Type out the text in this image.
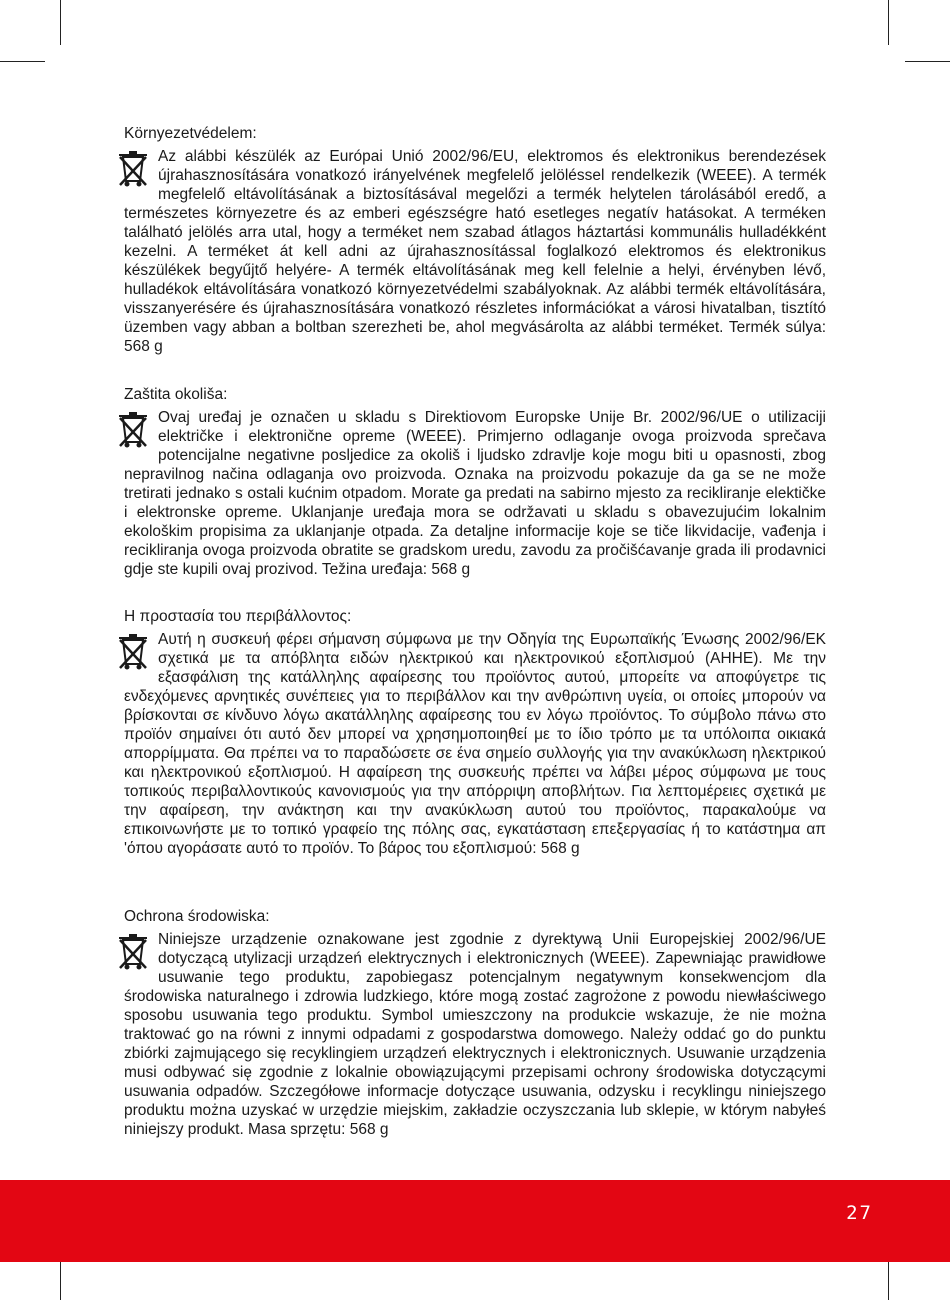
Környezetvédelem:
Az alábbi készülék az Európai Unió 2002/96/EU, elektromos és elektronikus berendezések újrahasznosítására vonatkozó irányelvének megfelelő jelöléssel rendelkezik (WEEE). A termék megfelelő eltávolításának a biztosításával megelőzi a termék helytelen tárolásából eredő, a természetes környezetre és az emberi egészségre ható esetleges negatív hatásokat. A terméken található jelölés arra utal, hogy a terméket nem szabad átlagos háztartási kommunális hulladékként kezelni. A terméket át kell adni az újrahasznosítással foglalkozó elektromos és elektronikus készülékek begyűjtő helyére- A termék eltávolításának meg kell felelnie a helyi, érvényben lévő, hulladékok eltávolítására vonatkozó környezetvédelmi szabályoknak. Az alábbi termék eltávolítására, visszanyerésére és újrahasznosítására vonatkozó részletes információkat a városi hivatalban, tisztító üzemben vagy abban a boltban szerezheti be, ahol megvásárolta az alábbi terméket. Termék súlya: 568 g
Zaštita okoliša:
Ovaj uređaj je označen u skladu s Direktiovom Europske Unije Br. 2002/96/UE o utilizaciji električke i elektronične opreme (WEEE). Primjerno odlaganje ovoga proizvoda sprečava potencijalne negativne posljedice za okoliš i ljudsko zdravlje koje mogu biti u opasnosti, zbog nepravilnog načina odlaganja ovo proizvoda. Oznaka na proizvodu pokazuje da ga se ne može tretirati jednako s ostali kućnim otpadom. Morate ga predati na sabirno mjesto za recikliranje elektičke i elektronske opreme. Uklanjanje uređaja mora se održavati u skladu s obavezujućim lokalnim ekološkim propisima za uklanjanje otpada. Za detaljne informacije koje se tiče likvidacije, vađenja i recikliranja ovoga proizvoda obratite se gradskom uredu, zavodu za pročišćavanje grada ili prodavnici gdje ste kupili ovaj prozivod. Težina uređaja: 568 g
Η προστασία του περιβάλλοντος:
Αυτή η συσκευή φέρει σήμανση σύμφωνα με την Οδηγία της Ευρωπαϊκής Ένωσης 2002/96/ΕΚ σχετικά με τα απόβλητα ειδών ηλεκτρικού και ηλεκτρονικού εξοπλισμού (ΑΗΗΕ). Με την εξασφάλιση της κατάλληλης αφαίρεσης του προϊόντος αυτού, μπορείτε να αποφύγετρε τις ενδεχόμενες αρνητικές συνέπειες για το περιβάλλον και την ανθρώπινη υγεία, οι οποίες μπορούν να βρίσκονται σε κίνδυνο λόγω ακατάλληλης αφαίρεσης του εν λόγω προϊόντος. Το σύμβολο πάνω στο προϊόν σημαίνει ότι αυτό δεν μπορεί να χρησημοποιηθεί με το ίδιο τρόπο με τα υπόλοιπα οικιακά απορρίμματα. Θα πρέπει να το παραδώσετε σε ένα σημείο συλλογής για την ανακύκλωση ηλεκτρικού και ηλεκτρονικού εξοπλισμού. Η αφαίρεση της συσκευής πρέπει να λάβει μέρος σύμφωνα με τους τοπικούς περιβαλλοντικούς κανονισμούς για την απόρριψη αποβλήτων. Για λεπτομέρειες σχετικά με την αφαίρεση, την ανάκτηση και την ανακύκλωση αυτού του προϊόντος, παρακαλούμε να επικοινωνήστε με το τοπικό γραφείο της πόλης σας, εγκατάσταση επεξεργασίας ή το κατάστημα απ 'όπου αγοράσατε αυτό το προϊόν. Το βάρος του εξοπλισμού: 568 g
Ochrona środowiska:
Niniejsze urządzenie oznakowane jest zgodnie z dyrektywą Unii Europejskiej 2002/96/UE dotyczącą utylizacji urządzeń elektrycznych i elektronicznych (WEEE). Zapewniając prawidłowe usuwanie tego produktu, zapobiegasz potencjalnym negatywnym konsekwencjom dla środowiska naturalnego i zdrowia ludzkiego, które mogą zostać zagrożone z powodu niewłaściwego sposobu usuwania tego produktu. Symbol umieszczony na produkcie wskazuje, że nie można traktować go na równi z innymi odpadami z gospodarstwa domowego. Należy oddać go do punktu zbiórki zajmującego się recyklingiem urządzeń elektrycznych i elektronicznych. Usuwanie urządzenia musi odbywać się zgodnie z lokalnie obowiązującymi przepisami ochrony środowiska dotyczącymi usuwania odpadów. Szczegółowe informacje dotyczące usuwania, odzysku i recyklingu niniejszego produktu można uzyskać w urzędzie miejskim, zakładzie oczyszczania lub sklepie, w którym nabyłeś niniejszy produkt. Masa sprzętu: 568 g
27
